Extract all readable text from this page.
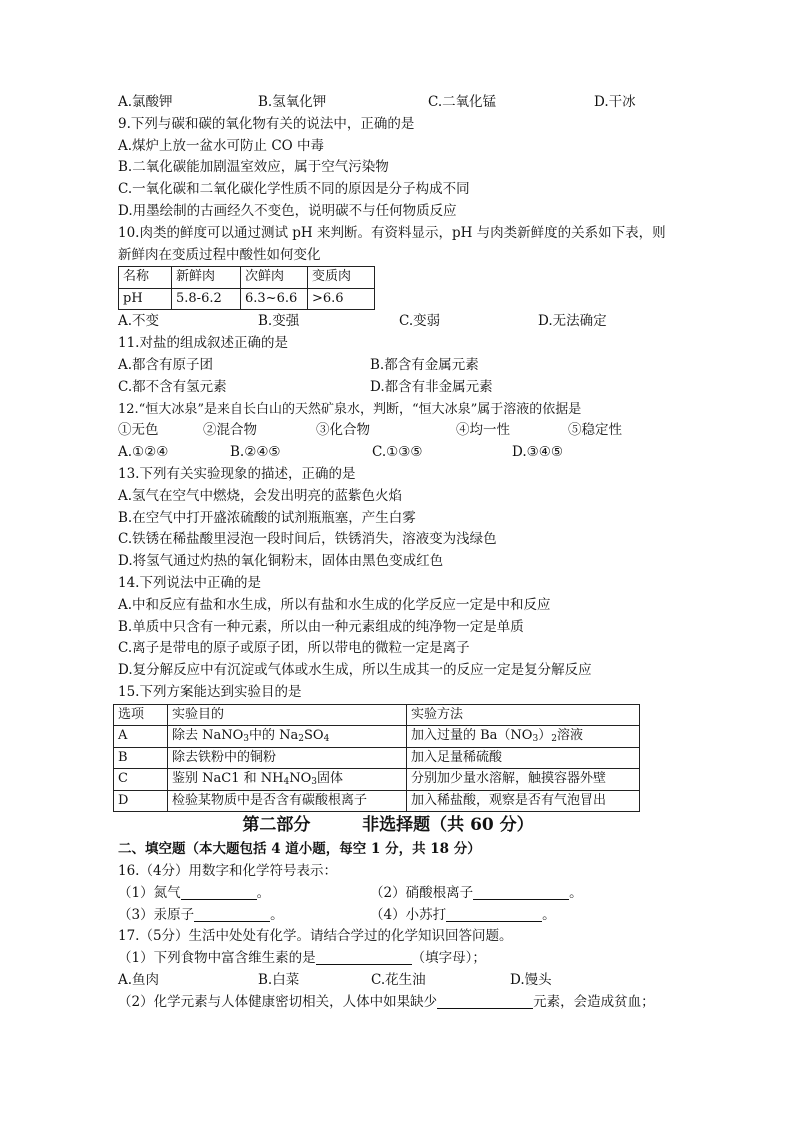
A.氯酸钾	B.氢氧化钾	C.二氧化锰	D.干冰
9.下列与碳和碳的氧化物有关的说法中，正确的是
A.煤炉上放一盆水可防止 CO 中毒
B.二氧化碳能加剧温室效应，属于空气污染物
C.一氧化碳和二氧化碳化学性质不同的原因是分子构成不同
D.用墨绘制的古画经久不变色，说明碳不与任何物质反应
10.肉类的鲜度可以通过测试 pH 来判断。有资料显示，pH 与肉类新鲜度的关系如下表，则
新鲜肉在变质过程中酸性如何变化
名称	新鲜肉	次鲜肉	变质肉
pH	5.8-6.2	6.3~6.6	>6.6
A.不变	B.变强	C.变弱	D.无法确定
11.对盐的组成叙述正确的是
A.都含有原子团	B.都含有金属元素
C.都不含有氢元素	D.都含有非金属元素
12.“恒大冰泉”是来自长白山的天然矿泉水，判断，“恒大冰泉”属于溶液的依据是
①无色	②混合物	③化合物	④均一性	⑤稳定性
A.①②④	B.②④⑤	C.①③⑤	D.③④⑤
13.下列有关实验现象的描述，正确的是
A.氢气在空气中燃烧，会发出明亮的蓝紫色火焰
B.在空气中打开盛浓硫酸的试剂瓶瓶塞，产生白雾
C.铁锈在稀盐酸里浸泡一段时间后，铁锈消失，溶液变为浅绿色
D.将氢气通过灼热的氧化铜粉末，固体由黑色变成红色
14.下列说法中正确的是
A.中和反应有盐和水生成，所以有盐和水生成的化学反应一定是中和反应
B.单质中只含有一种元素，所以由一种元素组成的纯净物一定是单质
C.离子是带电的原子或原子团，所以带电的微粒一定是离子
D.复分解反应中有沉淀或气体或水生成，所以生成其一的反应一定是复分解反应
15.下列方案能达到实验目的是
选项	实验目的	实验方法
A	除去 NaNO$_3$中的 $Na_2SO_4$	加入过量的 $Ba(NO_3)_2$溶液
B	除去铁粉中的铜粉	加入足量稀硫酸
C	鉴别 NaC1 和 $NH_4NO_3$固体	分别加少量水溶解，触摸容器外壁
D	检验某物质中是否含有碳酸根离子	加入稀盐酸，观察是否有气泡冒出
第二部分	非选择题（共 60 分）
二、填空题（本大题包括 4 道小题，每空 1 分，共 18 分）
16.（4分）用数字和化学符号表示：
（1）氮气	。	（2）硝酸根离子	。
（3）汞原子	。	（4）小苏打	。
17.（5分）生活中处处有化学。请结合学过的化学知识回答问题。
（1）下列食物中富含维生素的是	（填字母）；
A.鱼肉	B.白菜	C.花生油	D.馒头
（2）化学元素与人体健康密切相关，人体中如果缺少	元素，会造成贫血；
